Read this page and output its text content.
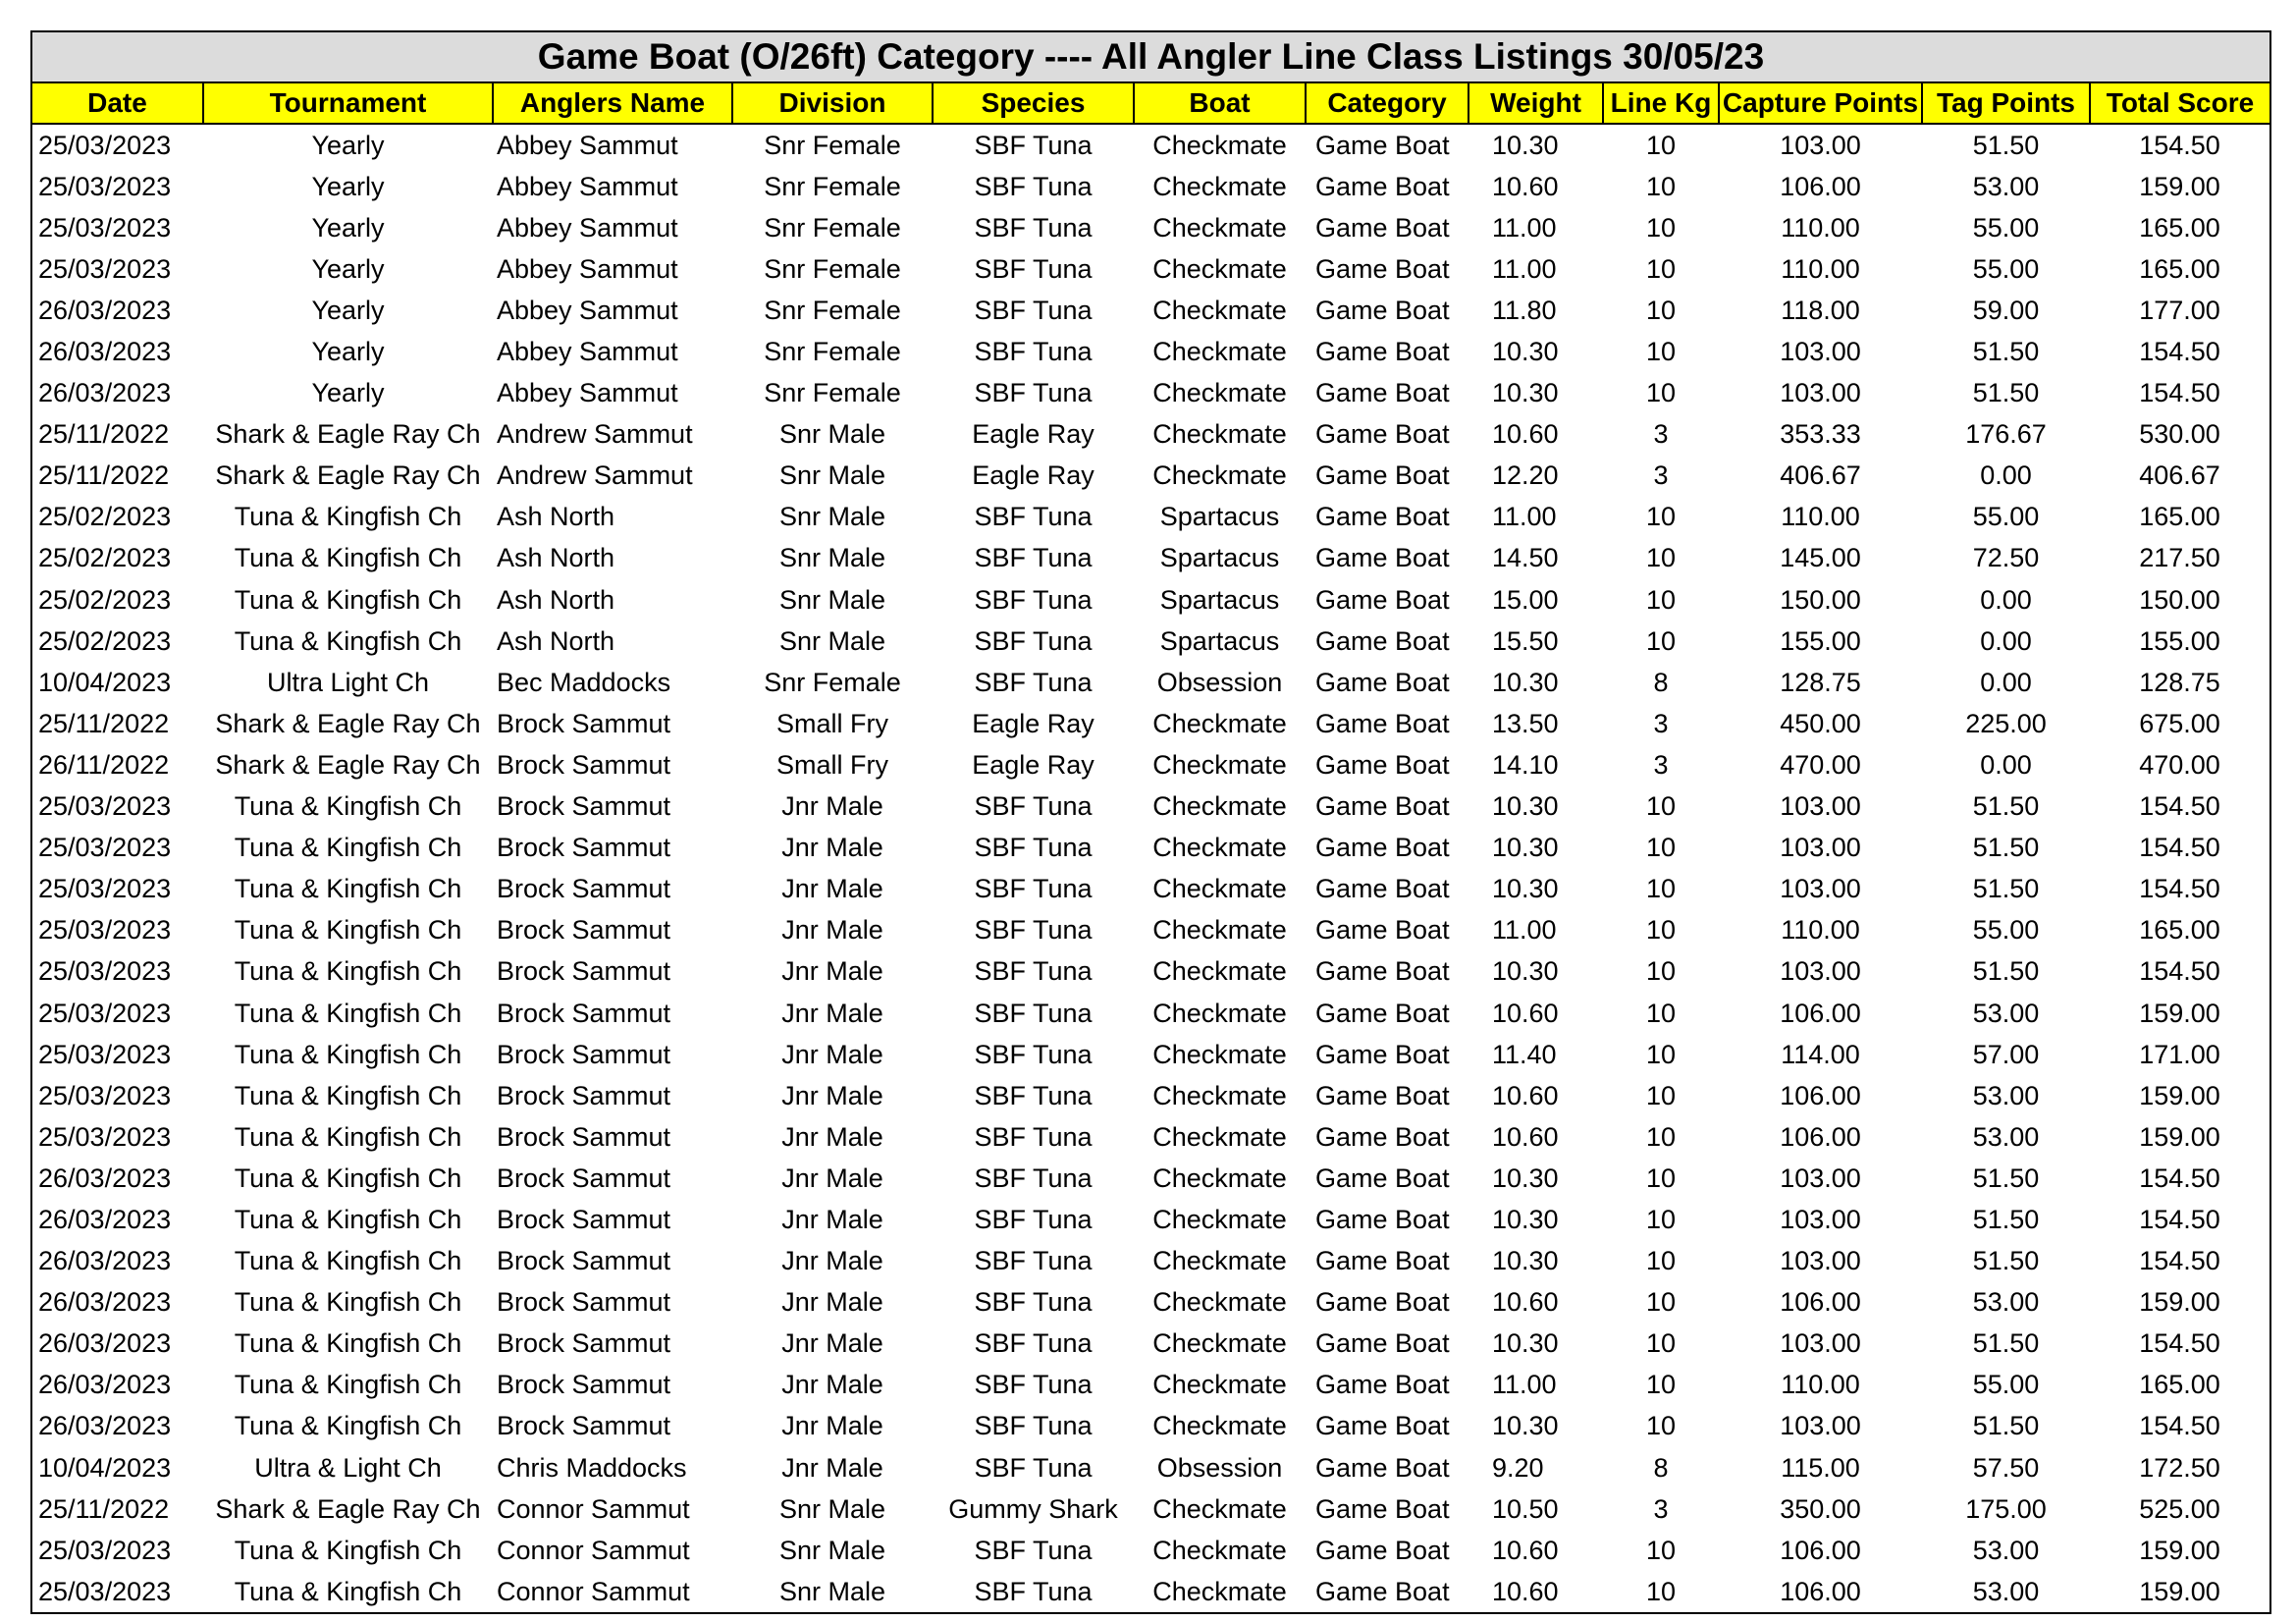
Game Boat (O/26ft) Category ---- All Angler Line Class Listings 30/05/23
Date	Tournament	Anglers Name	Division	Species	Boat	Category	Weight	Line Kg	Capture Points	Tag Points	Total Score
25/03/2023	Yearly	Abbey Sammut	Snr Female	SBF Tuna	Checkmate	Game Boat	10.30	10	103.00	51.50	154.50
25/03/2023	Yearly	Abbey Sammut	Snr Female	SBF Tuna	Checkmate	Game Boat	10.60	10	106.00	53.00	159.00
25/03/2023	Yearly	Abbey Sammut	Snr Female	SBF Tuna	Checkmate	Game Boat	11.00	10	110.00	55.00	165.00
25/03/2023	Yearly	Abbey Sammut	Snr Female	SBF Tuna	Checkmate	Game Boat	11.00	10	110.00	55.00	165.00
26/03/2023	Yearly	Abbey Sammut	Snr Female	SBF Tuna	Checkmate	Game Boat	11.80	10	118.00	59.00	177.00
26/03/2023	Yearly	Abbey Sammut	Snr Female	SBF Tuna	Checkmate	Game Boat	10.30	10	103.00	51.50	154.50
26/03/2023	Yearly	Abbey Sammut	Snr Female	SBF Tuna	Checkmate	Game Boat	10.30	10	103.00	51.50	154.50
25/11/2022	Shark & Eagle Ray Ch	Andrew Sammut	Snr Male	Eagle Ray	Checkmate	Game Boat	10.60	3	353.33	176.67	530.00
25/11/2022	Shark & Eagle Ray Ch	Andrew Sammut	Snr Male	Eagle Ray	Checkmate	Game Boat	12.20	3	406.67	0.00	406.67
25/02/2023	Tuna & Kingfish Ch	Ash North	Snr Male	SBF Tuna	Spartacus	Game Boat	11.00	10	110.00	55.00	165.00
25/02/2023	Tuna & Kingfish Ch	Ash North	Snr Male	SBF Tuna	Spartacus	Game Boat	14.50	10	145.00	72.50	217.50
25/02/2023	Tuna & Kingfish Ch	Ash North	Snr Male	SBF Tuna	Spartacus	Game Boat	15.00	10	150.00	0.00	150.00
25/02/2023	Tuna & Kingfish Ch	Ash North	Snr Male	SBF Tuna	Spartacus	Game Boat	15.50	10	155.00	0.00	155.00
10/04/2023	Ultra Light Ch	Bec Maddocks	Snr Female	SBF Tuna	Obsession	Game Boat	10.30	8	128.75	0.00	128.75
25/11/2022	Shark & Eagle Ray Ch	Brock Sammut	Small Fry	Eagle Ray	Checkmate	Game Boat	13.50	3	450.00	225.00	675.00
26/11/2022	Shark & Eagle Ray Ch	Brock Sammut	Small Fry	Eagle Ray	Checkmate	Game Boat	14.10	3	470.00	0.00	470.00
25/03/2023	Tuna & Kingfish Ch	Brock Sammut	Jnr Male	SBF Tuna	Checkmate	Game Boat	10.30	10	103.00	51.50	154.50
25/03/2023	Tuna & Kingfish Ch	Brock Sammut	Jnr Male	SBF Tuna	Checkmate	Game Boat	10.30	10	103.00	51.50	154.50
25/03/2023	Tuna & Kingfish Ch	Brock Sammut	Jnr Male	SBF Tuna	Checkmate	Game Boat	10.30	10	103.00	51.50	154.50
25/03/2023	Tuna & Kingfish Ch	Brock Sammut	Jnr Male	SBF Tuna	Checkmate	Game Boat	11.00	10	110.00	55.00	165.00
25/03/2023	Tuna & Kingfish Ch	Brock Sammut	Jnr Male	SBF Tuna	Checkmate	Game Boat	10.30	10	103.00	51.50	154.50
25/03/2023	Tuna & Kingfish Ch	Brock Sammut	Jnr Male	SBF Tuna	Checkmate	Game Boat	10.60	10	106.00	53.00	159.00
25/03/2023	Tuna & Kingfish Ch	Brock Sammut	Jnr Male	SBF Tuna	Checkmate	Game Boat	11.40	10	114.00	57.00	171.00
25/03/2023	Tuna & Kingfish Ch	Brock Sammut	Jnr Male	SBF Tuna	Checkmate	Game Boat	10.60	10	106.00	53.00	159.00
25/03/2023	Tuna & Kingfish Ch	Brock Sammut	Jnr Male	SBF Tuna	Checkmate	Game Boat	10.60	10	106.00	53.00	159.00
26/03/2023	Tuna & Kingfish Ch	Brock Sammut	Jnr Male	SBF Tuna	Checkmate	Game Boat	10.30	10	103.00	51.50	154.50
26/03/2023	Tuna & Kingfish Ch	Brock Sammut	Jnr Male	SBF Tuna	Checkmate	Game Boat	10.30	10	103.00	51.50	154.50
26/03/2023	Tuna & Kingfish Ch	Brock Sammut	Jnr Male	SBF Tuna	Checkmate	Game Boat	10.30	10	103.00	51.50	154.50
26/03/2023	Tuna & Kingfish Ch	Brock Sammut	Jnr Male	SBF Tuna	Checkmate	Game Boat	10.60	10	106.00	53.00	159.00
26/03/2023	Tuna & Kingfish Ch	Brock Sammut	Jnr Male	SBF Tuna	Checkmate	Game Boat	10.30	10	103.00	51.50	154.50
26/03/2023	Tuna & Kingfish Ch	Brock Sammut	Jnr Male	SBF Tuna	Checkmate	Game Boat	11.00	10	110.00	55.00	165.00
26/03/2023	Tuna & Kingfish Ch	Brock Sammut	Jnr Male	SBF Tuna	Checkmate	Game Boat	10.30	10	103.00	51.50	154.50
10/04/2023	Ultra & Light Ch	Chris Maddocks	Jnr Male	SBF Tuna	Obsession	Game Boat	9.20	8	115.00	57.50	172.50
25/11/2022	Shark & Eagle Ray Ch	Connor Sammut	Snr Male	Gummy Shark	Checkmate	Game Boat	10.50	3	350.00	175.00	525.00
25/03/2023	Tuna & Kingfish Ch	Connor Sammut	Snr Male	SBF Tuna	Checkmate	Game Boat	10.60	10	106.00	53.00	159.00
25/03/2023	Tuna & Kingfish Ch	Connor Sammut	Snr Male	SBF Tuna	Checkmate	Game Boat	10.60	10	106.00	53.00	159.00
